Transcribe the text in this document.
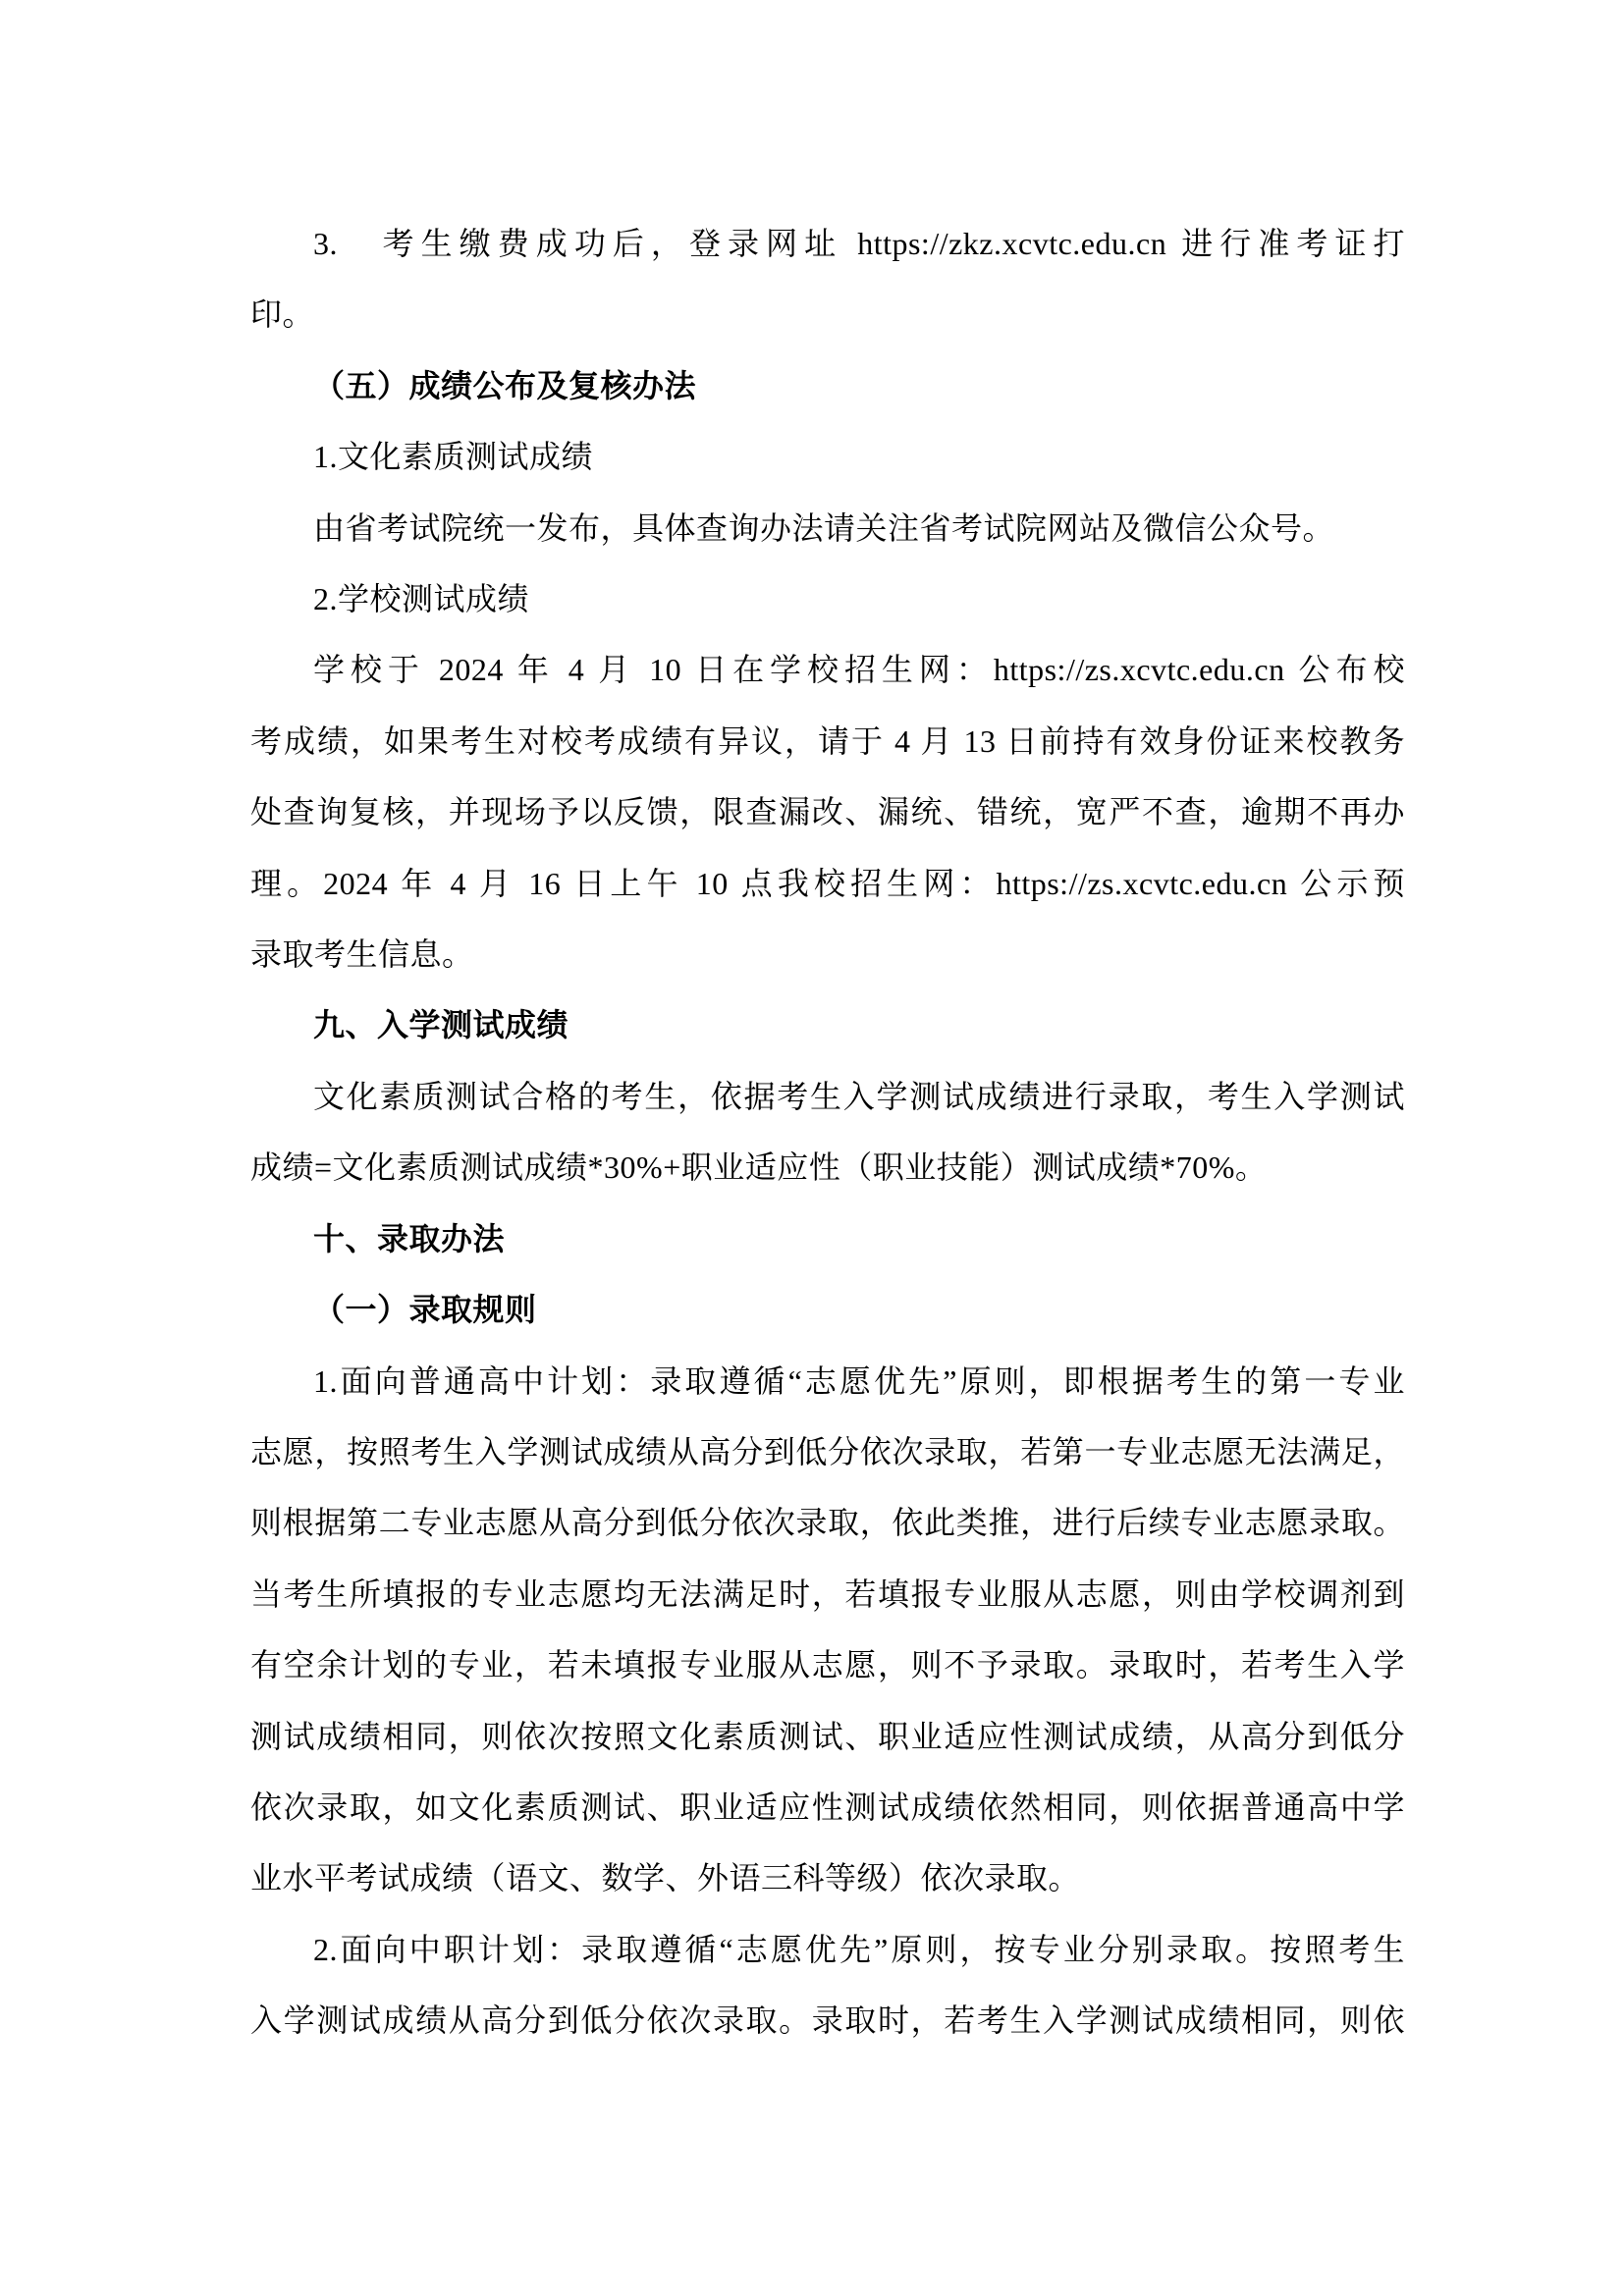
3.　考生缴费成功后，登录网址 https://zkz.xcvtc.edu.cn 进行准考证打

印。

（五）成绩公布及复核办法

1.文化素质测试成绩

由省考试院统一发布，具体查询办法请关注省考试院网站及微信公众号。

2.学校测试成绩

学校于 2024 年 4 月 10 日在学校招生网：https://zs.xcvtc.edu.cn 公布校

考成绩，如果考生对校考成绩有异议，请于 4 月 13 日前持有效身份证来校教务

处查询复核，并现场予以反馈，限查漏改、漏统、错统，宽严不查，逾期不再办

理。2024 年 4 月 16 日上午 10 点我校招生网：https://zs.xcvtc.edu.cn 公示预

录取考生信息。

九、入学测试成绩

文化素质测试合格的考生，依据考生入学测试成绩进行录取，考生入学测试

成绩=文化素质测试成绩*30%+职业适应性（职业技能）测试成绩*70%。

十、录取办法

（一）录取规则

1.面向普通高中计划：录取遵循“志愿优先”原则，即根据考生的第一专业

志愿，按照考生入学测试成绩从高分到低分依次录取，若第一专业志愿无法满足，

则根据第二专业志愿从高分到低分依次录取，依此类推，进行后续专业志愿录取。

当考生所填报的专业志愿均无法满足时，若填报专业服从志愿，则由学校调剂到

有空余计划的专业，若未填报专业服从志愿，则不予录取。录取时，若考生入学

测试成绩相同，则依次按照文化素质测试、职业适应性测试成绩，从高分到低分

依次录取，如文化素质测试、职业适应性测试成绩依然相同，则依据普通高中学

业水平考试成绩（语文、数学、外语三科等级）依次录取。

2.面向中职计划：录取遵循“志愿优先”原则，按专业分别录取。按照考生

入学测试成绩从高分到低分依次录取。录取时，若考生入学测试成绩相同，则依
